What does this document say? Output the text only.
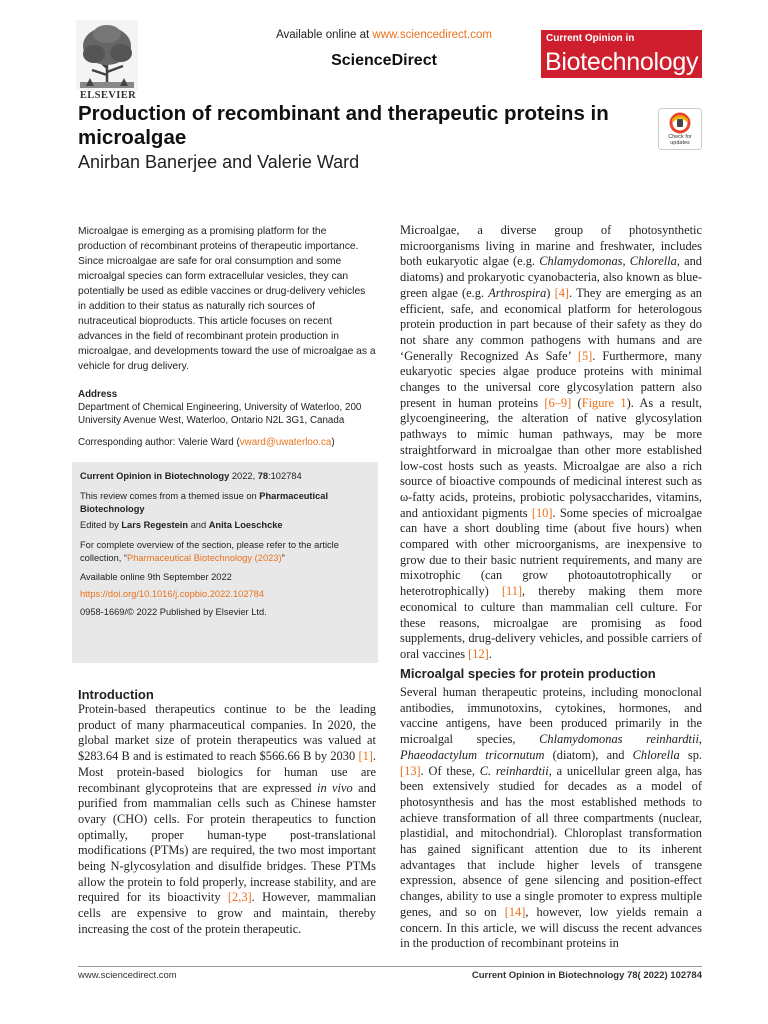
ELSEVIER
Available online at www.sciencedirect.com
ScienceDirect
Current Opinion in
Biotechnology
Production of recombinant and therapeutic proteins in microalgae
Anirban Banerjee and Valerie Ward
Check for updates
Microalgae is emerging as a promising platform for the production of recombinant proteins of therapeutic importance. Since microalgae are safe for oral consumption and some microalgal species can form extracellular vesicles, they can potentially be used as edible vaccines or drug-delivery vehicles in addition to their status as naturally rich sources of nutraceutical bioproducts. This article focuses on recent advances in the field of recombinant protein production in microalgae, and developments toward the use of microalgae as a vehicle for drug delivery.
Address
Department of Chemical Engineering, University of Waterloo, 200 University Avenue West, Waterloo, Ontario N2L 3G1, Canada
Corresponding author: Valerie Ward (vward@uwaterloo.ca)
Current Opinion in Biotechnology 2022, 78:102784
This review comes from a themed issue on Pharmaceutical Biotechnology
Edited by Lars Regestein and Anita Loeschcke
For complete overview of the section, please refer to the article collection, “Pharmaceutical Biotechnology (2023)”
Available online 9th September 2022
https://doi.org/10.1016/j.copbio.2022.102784
0958-1669/© 2022 Published by Elsevier Ltd.
Introduction
Protein-based therapeutics continue to be the leading product of many pharmaceutical companies. In 2020, the global market size of protein therapeutics was valued at $283.64 B and is estimated to reach $566.66 B by 2030 [1]. Most protein-based biologics for human use are recombinant glycoproteins that are expressed in vivo and purified from mammalian cells such as Chinese hamster ovary (CHO) cells. For protein therapeutics to function optimally, proper human-type post-translational modifications (PTMs) are required, the two most important being N-glycosylation and disulfide bridges. These PTMs allow the protein to fold properly, increase stability, and are required for its bioactivity [2,3]. However, mammalian cells are expensive to grow and maintain, thereby increasing the cost of the protein therapeutic.
Microalgae, a diverse group of photosynthetic microorganisms living in marine and freshwater, includes both eukaryotic algae (e.g. Chlamydomonas, Chlorella, and diatoms) and prokaryotic cyanobacteria, also known as blue-green algae (e.g. Arthrospira) [4]. They are emerging as an efficient, safe, and economical platform for heterologous protein production in part because of their safety as they do not share any common pathogens with humans and are ‘Generally Recognized As Safe’ [5]. Furthermore, many eukaryotic species algae produce proteins with minimal changes to the universal core glycosylation pattern also present in human proteins [6–9] (Figure 1). As a result, glycoengineering, the alteration of native glycosylation pathways to mimic human pathways, may be more straightforward in microalgae than other more established low-cost hosts such as yeasts. Microalgae are also a rich source of bioactive compounds of medicinal interest such as ω-fatty acids, proteins, probiotic polysaccharides, vitamins, and antioxidant pigments [10]. Some species of microalgae can have a short doubling time (about five hours) when compared with other microorganisms, are inexpensive to grow due to their basic nutrient requirements, and many are mixotrophic (can grow photoautotrophically or heterotrophically) [11], thereby making them more economical to culture than mammalian cell culture. For these reasons, microalgae are promising as food supplements, drug-delivery vehicles, and possible carriers of oral vaccines [12].
Microalgal species for protein production
Several human therapeutic proteins, including monoclonal antibodies, immunotoxins, cytokines, hormones, and vaccine antigens, have been produced primarily in the microalgal species, Chlamydomonas reinhardtii, Phaeodactylum tricornutum (diatom), and Chlorella sp. [13]. Of these, C. reinhardtii, a unicellular green alga, has been extensively studied for decades as a model of photosynthesis and has the most established methods to achieve transformation of all three compartments (nuclear, plastidial, and mitochondrial). Chloroplast transformation has gained significant attention due to its inherent advantages that include higher levels of transgene expression, absence of gene silencing and position-effect changes, ability to use a single promoter to express multiple genes, and so on [14], however, low yields remain a concern. In this article, we will discuss the recent advances in the production of recombinant proteins in
www.sciencedirect.com	Current Opinion in Biotechnology 78( 2022) 102784
